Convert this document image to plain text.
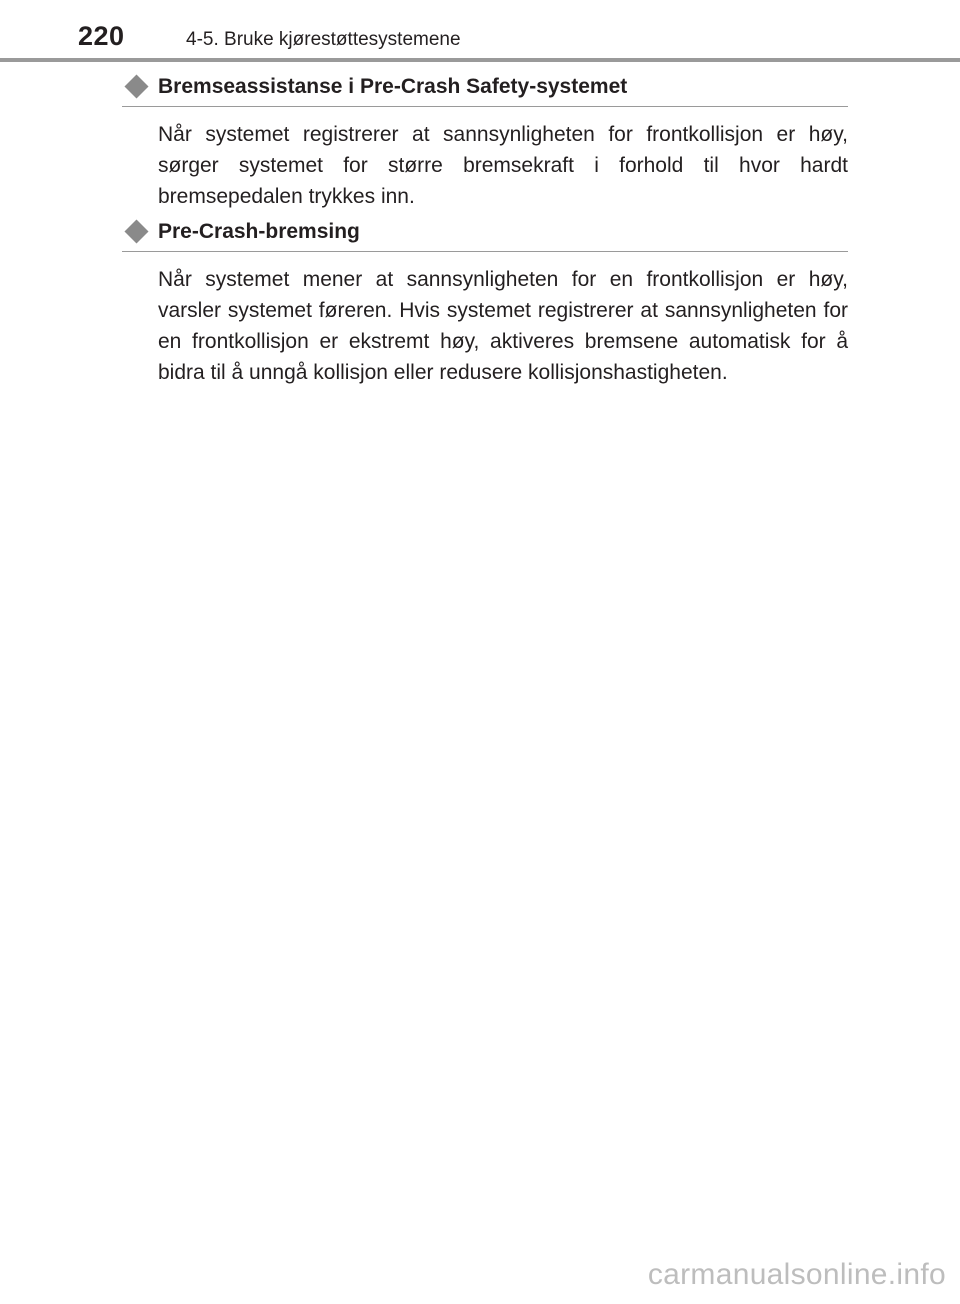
220	4-5. Bruke kjørestøttesystemene
Bremseassistanse i Pre-Crash Safety-systemet

Når systemet registrerer at sannsynligheten for frontkollisjon er høy, sørger systemet for større bremsekraft i forhold til hvor hardt bremsepedalen trykkes inn.

Pre-Crash-bremsing

Når systemet mener at sannsynligheten for en frontkollisjon er høy, varsler systemet føreren. Hvis systemet registrerer at sannsynligheten for en frontkollisjon er ekstremt høy, aktiveres bremsene automatisk for å bidra til å unngå kollisjon eller redusere kollisjonshastigheten.

carmanualsonline.info
